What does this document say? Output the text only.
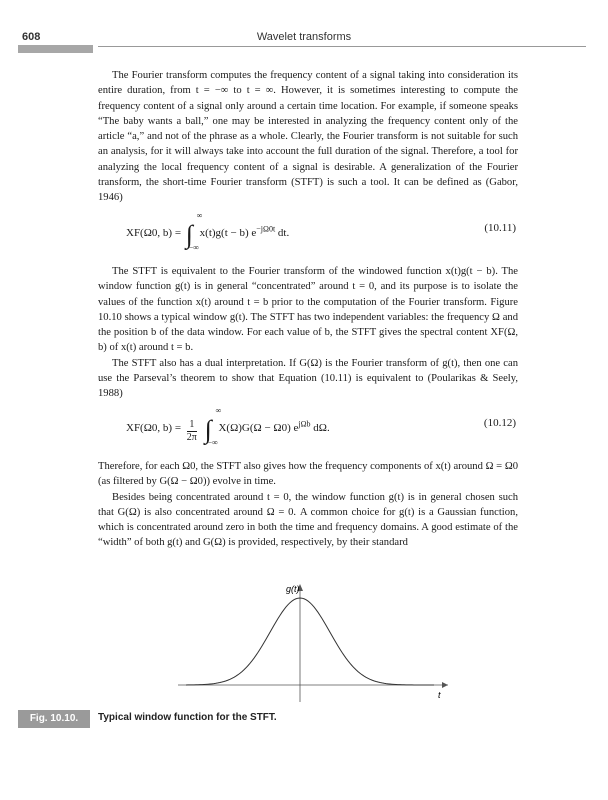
608	Wavelet transforms

The Fourier transform computes the frequency content of a signal taking into consideration its entire duration, from t = −∞ to t = ∞. However, it is sometimes interesting to compute the frequency content of a signal only around a certain time location. For example, if someone speaks “The baby wants a ball,” one may be interested in analyzing the frequency content only of the article “a,” and not of the phrase as a whole. Clearly, the Fourier transform is not suitable for such an analysis, for it will always take into account the full duration of the signal. Therefore, a tool for analyzing the local frequency content of a signal is desirable. A generalization of the Fourier transform, the short-time Fourier transform (STFT) is such a tool. It can be defined as (Gabor, 1946)

XF(Ω0, b) = ∫
∞
−∞
x(t)g(t − b) $e^{-j\Omega 0t}$ dt.	(10.11)

The STFT is equivalent to the Fourier transform of the windowed function x(t)g(t − b). The window function g(t) is in general “concentrated” around t = 0, and its purpose is to isolate the values of the function x(t) around t = b prior to the computation of the Fourier transform. Figure 10.10 shows a typical window g(t). The STFT has two independent variables: the frequency Ω and the position b of the data window. For each value of b, the STFT gives the spectral content XF(Ω, b) of x(t) around t = b.

The STFT also has a dual interpretation. If G(Ω) is the Fourier transform of g(t), then one can use the Parseval’s theorem to show that Equation (10.11) is equivalent to (Poularikas & Seely, 1988)

XF(Ω0, $b) = \frac{1}{2\pi}$ ∫
∞
−∞
X(Ω)G(Ω − Ω0) $e^{j\Omega b}$ dΩ.	(10.12)

Therefore, for each Ω0, the STFT also gives how the frequency components of x(t) around Ω = Ω0 (as filtered by G(Ω − Ω0)) evolve in time.

Besides being concentrated around t = 0, the window function g(t) is in general chosen such that G(Ω) is also concentrated around Ω = 0. A common choice for g(t) is a Gaussian function, which is concentrated around zero in both the time and frequency domains. A good estimate of the “width” of both g(t) and G(Ω) is provided, respectively, by their standard

g(t)
t
Fig. 10.10.	Typical window function for the STFT.
